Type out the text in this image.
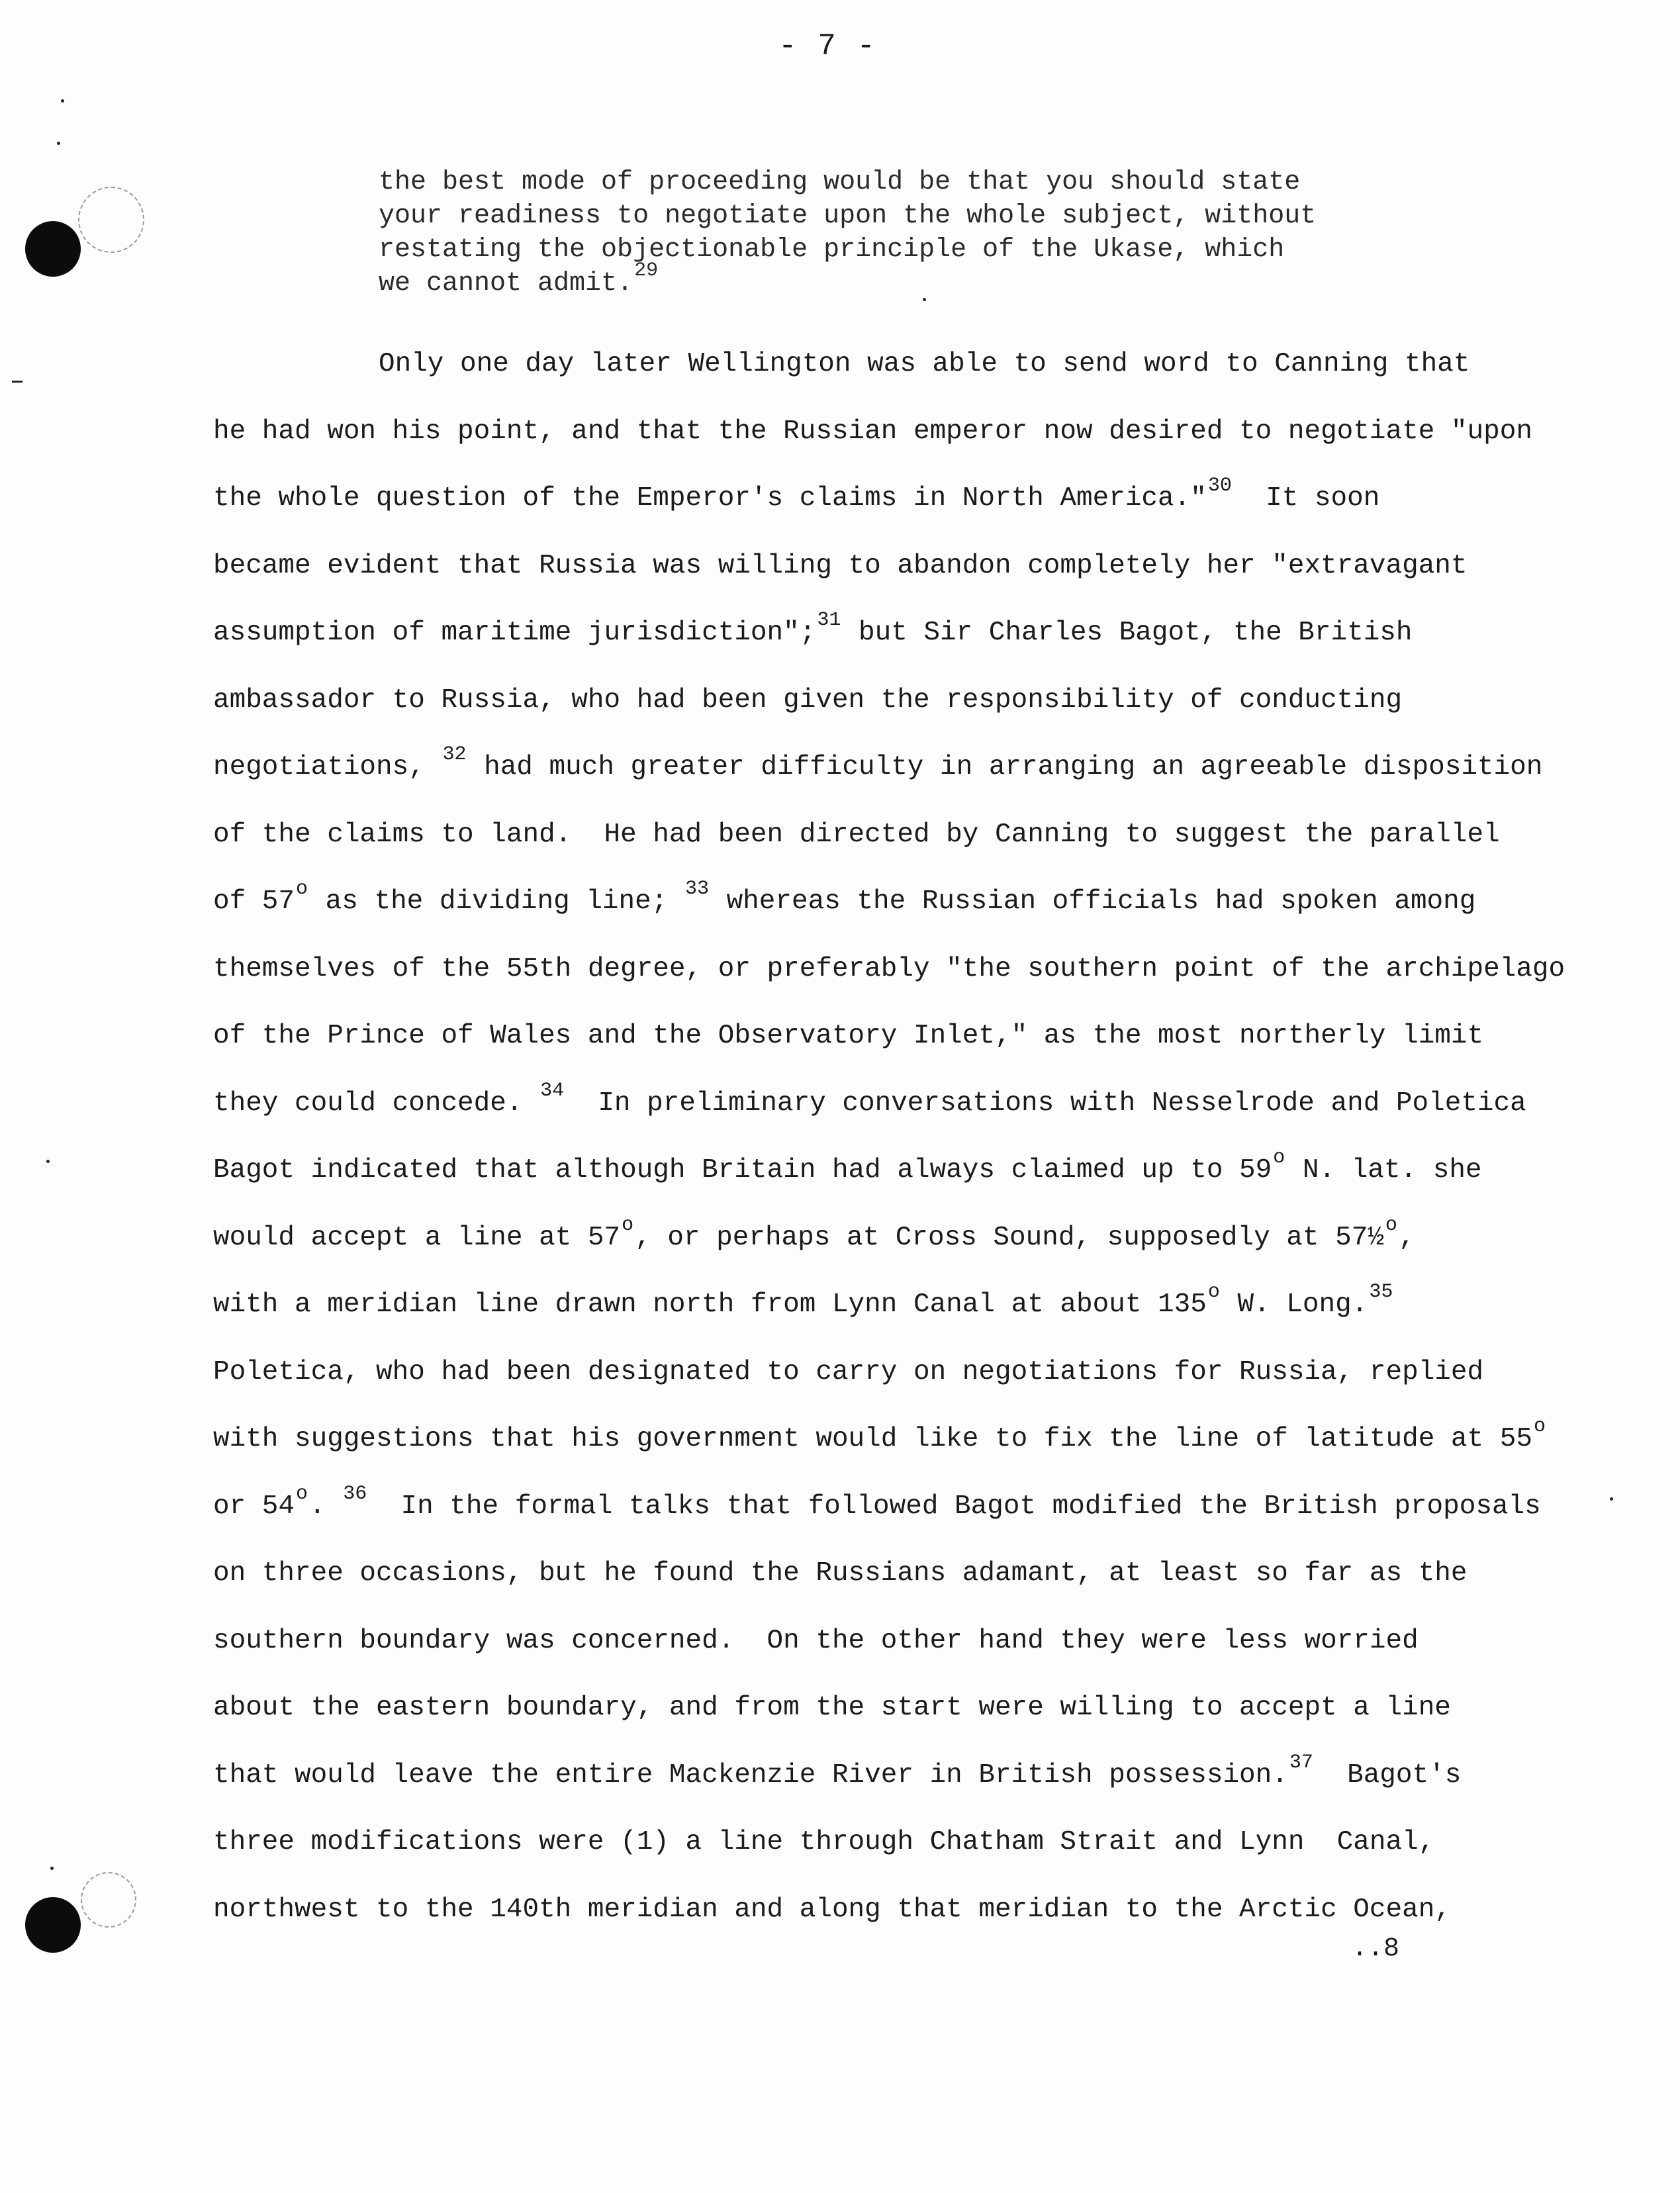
- 7 -
the best mode of proceeding would be that you should state
your readiness to negotiate upon the whole subject, without
restating the objectionable principle of the Ukase, which
we cannot admit.$^{29}$
Only one day later Wellington was able to send word to Canning that
he had won his point, and that the Russian emperor now desired to negotiate "upon
the whole question of the Emperor's claims in North America."$^{30}$  It soon
became evident that Russia was willing to abandon completely her "extravagant
assumption of maritime jurisdiction";$^{31}$ but Sir Charles Bagot, the British
ambassador to Russia, who had been given the responsibility of conducting
negotiations, $^{32}$ had much greater difficulty in arranging an agreeable disposition
of the claims to land.  He had been directed by Canning to suggest the parallel
of 57$^o$ as the dividing line; $^{33}$ whereas the Russian officials had spoken among
themselves of the 55th degree, or preferably "the southern point of the archipelago
of the Prince of Wales and the Observatory Inlet," as the most northerly limit
they could concede. $^{34}$  In preliminary conversations with Nesselrode and Poletica
Bagot indicated that although Britain had always claimed up to 59$^o$ N. lat. she
would accept a line at 57$^o$, or perhaps at Cross Sound, supposedly at 57½$^o$,
with a meridian line drawn north from Lynn Canal at about 135$^o$ W. Long.$^{35}$
Poletica, who had been designated to carry on negotiations for Russia, replied
with suggestions that his government would like to fix the line of latitude at 55$^o$
or 54$^o$. $^{36}$  In the formal talks that followed Bagot modified the British proposals
on three occasions, but he found the Russians adamant, at least so far as the
southern boundary was concerned.  On the other hand they were less worried
about the eastern boundary, and from the start were willing to accept a line
that would leave the entire Mackenzie River in British possession.$^{37}$  Bagot's
three modifications were (1) a line through Chatham Strait and Lynn  Canal,
northwest to the 140th meridian and along that meridian to the Arctic Ocean,
..8
